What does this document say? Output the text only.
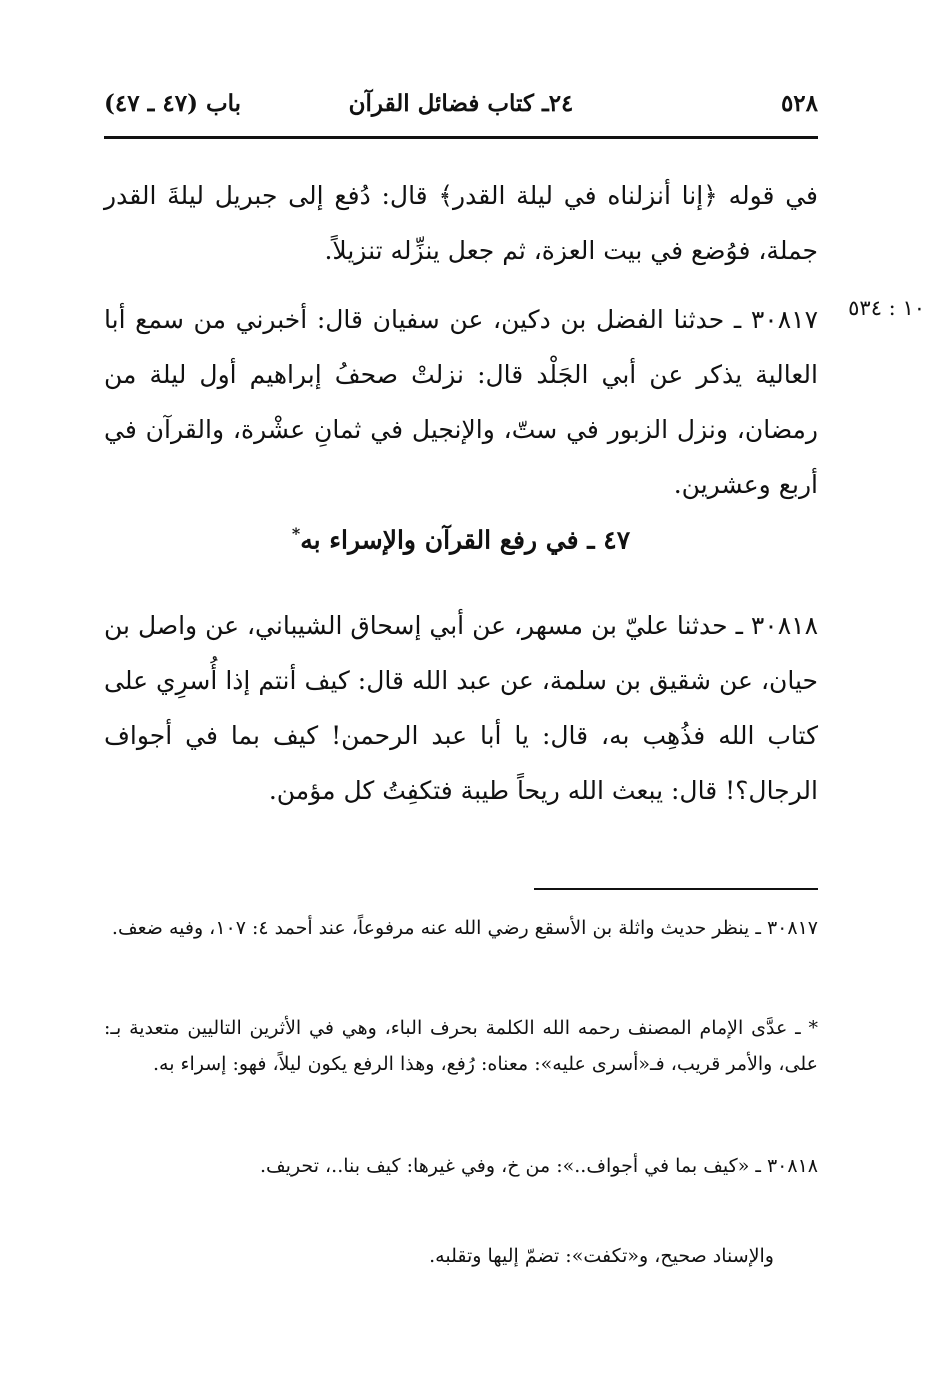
٥٢٨
٢٤ـ كتاب فضائل القرآن
باب (٤٧ ـ ٤٧)
في قوله ﴿إنا أنزلناه في ليلة القدر﴾ قال: دُفع إلى جبريل ليلةَ القدر جملة، فوُضع في بيت العزة، ثم جعل ينزِّله تنزيلاً.
١٠ : ٥٣٤
٣٠٨١٧ ـ حدثنا الفضل بن دكين، عن سفيان قال: أخبرني من سمع أبا العالية يذكر عن أبي الجَلْد قال: نزلتْ صحفُ إبراهيم أول ليلة من رمضان، ونزل الزبور في ستّ، والإنجيل في ثمانِ عشْرة، والقرآن في أربع وعشرين.
٤٧ ـ في رفع القرآن والإسراء به*
٣٠٨١٨ ـ حدثنا عليّ بن مسهر، عن أبي إسحاق الشيباني، عن واصل بن حيان، عن شقيق بن سلمة، عن عبد الله قال: كيف أنتم إذا أُسرِي على كتاب الله فذُهِب به، قال: يا أبا عبد الرحمن! كيف بما في أجواف الرجال؟! قال: يبعث الله ريحاً طيبة فتكفِتُ كل مؤمن.
٣٠٨١٧ ـ ينظر حديث واثلة بن الأسقع رضي الله عنه مرفوعاً، عند أحمد ٤: ١٠٧، وفيه ضعف.
* ـ عدَّى الإمام المصنف رحمه الله الكلمة بحرف الباء، وهي في الأثرين التاليين متعدية بـ: على، والأمر قريب، فـ«أسرى عليه»: معناه: رُفع، وهذا الرفع يكون ليلاً، فهو: إسراء به.
٣٠٨١٨ ـ «كيف بما في أجواف..»: من خ، وفي غيرها: كيف بنا..، تحريف.
والإسناد صحيح، و«تكفت»: تضمّ إليها وتقلبه.
